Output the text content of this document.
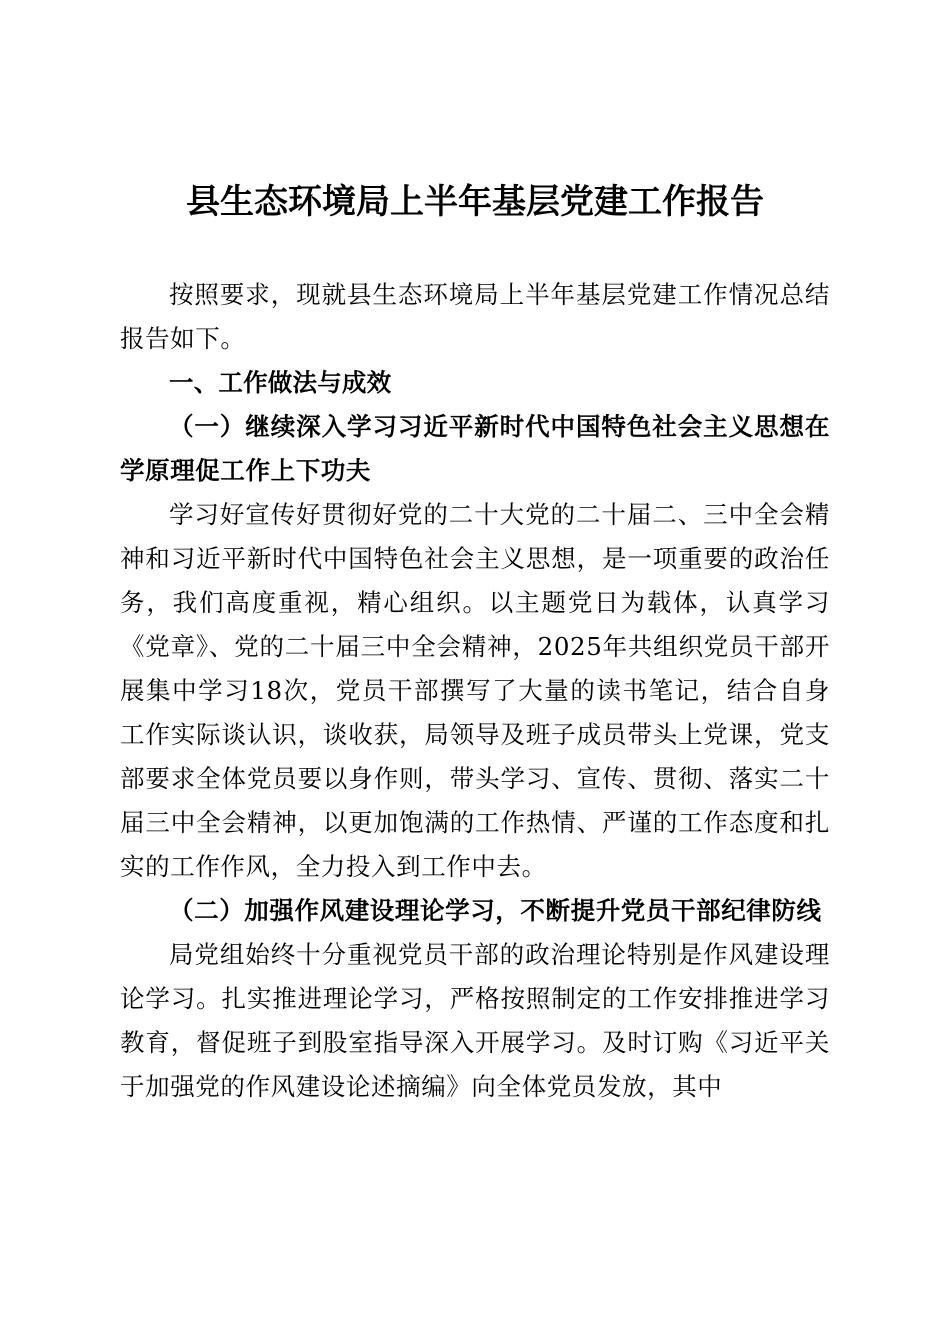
县生态环境局上半年基层党建工作报告

按照要求，现就县生态环境局上半年基层党建工作情况总结报告如下。

一、工作做法与成效

（一）继续深入学习习近平新时代中国特色社会主义思想在学原理促工作上下功夫

学习好宣传好贯彻好党的二十大党的二十届二、三中全会精神和习近平新时代中国特色社会主义思想，是一项重要的政治任务，我们高度重视，精心组织。以主题党日为载体，认真学习《党章》、党的二十届三中全会精神，2025年共组织党员干部开展集中学习18次，党员干部撰写了大量的读书笔记，结合自身工作实际谈认识，谈收获，局领导及班子成员带头上党课，党支部要求全体党员要以身作则，带头学习、宣传、贯彻、落实二十届三中全会精神，以更加饱满的工作热情、严谨的工作态度和扎实的工作作风，全力投入到工作中去。

（二）加强作风建设理论学习，不断提升党员干部纪律防线

局党组始终十分重视党员干部的政治理论特别是作风建设理论学习。扎实推进理论学习，严格按照制定的工作安排推进学习教育，督促班子到股室指导深入开展学习。及时订购《习近平关于加强党的作风建设论述摘编》向全体党员发放，其中
